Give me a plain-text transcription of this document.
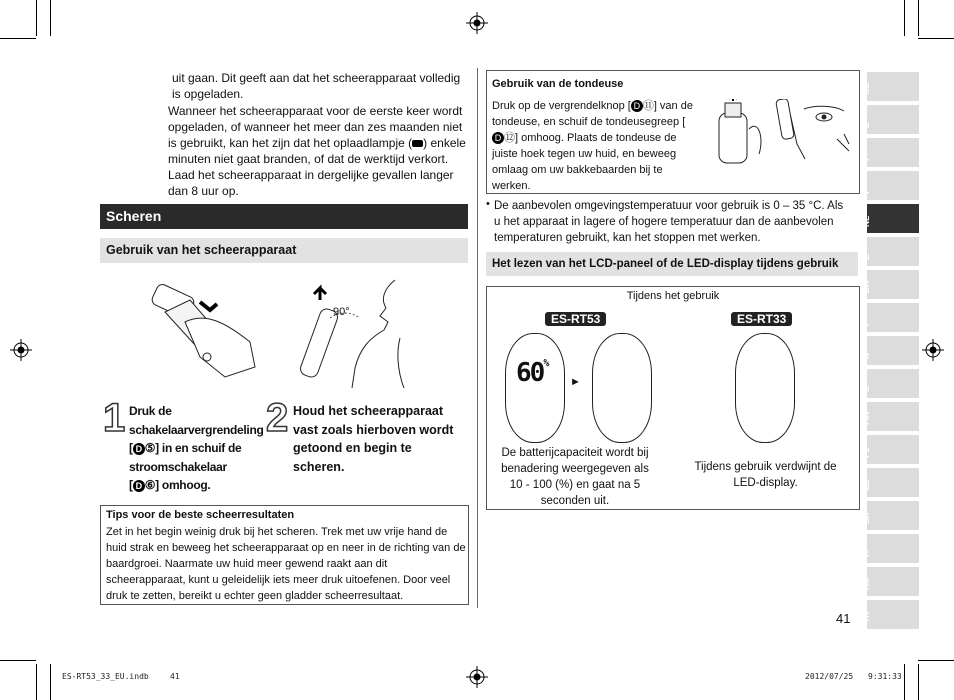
uit gaan. Dit geeft aan dat het scheerapparaat volledig
is opgeladen.
Wanneer het scheerapparaat voor de eerste keer wordt opgeladen, of wanneer het meer dan zes maanden niet is gebruikt, kan het zijn dat het oplaadlampje ( ) enkele minuten niet gaat branden, of dat de werktijd verkort. Laad het scheerapparaat in dergelijke gevallen langer dan 8 uur op.
Scheren
Gebruik van het scheerapparaat
90°
1 Druk de schakelaarvergrendeling
[ D ⑤] in en schuif de stroomschakelaar
[ D ⑥] omhoog.
2 Houd het scheerapparaat vast zoals hierboven wordt getoond en begin te scheren.
Tips voor de beste scheerresultaten
Zet in het begin weinig druk bij het scheren. Trek met uw vrije hand de huid strak en beweeg het scheerapparaat op en neer in de richting van de baardgroei. Naarmate uw huid meer gewend raakt aan dit scheerapparaat, kunt u geleidelijk iets meer druk uitoefenen. Door veel druk te zetten, bereikt u echter geen gladder scheerresultaat.
Gebruik van de tondeuse
Druk op de vergrendelknop [ D ⑪] van de tondeuse, en schuif de tondeusegreep [D ⑫] omhoog. Plaats de tondeuse de juiste hoek tegen uw huid, en beweeg omlaag om uw bakkebaarden bij te werken.
• De aanbevolen omgevingstemperatuur voor gebruik is 0 – 35 °C. Als u het apparaat in lagere of hogere temperatuur dan de aanbevolen temperaturen gebruikt, kan het stoppen met werken.
Het lezen van het LCD-paneel of de LED-display tijdens gebruik
Tijdens het gebruik
ES-RT53	ES-RT33
60%
►
De batterijcapaciteit wordt bij benadering weergegeven als 10 - 100 (%) en gaat na 5 seconden uit.
Tijdens gebruik verdwijnt de LED-display.
GB
D
F
I
NL
E
DK
P
N
S
FIN
PL
CZ
SK
H
RO
TR
41
ES-RT53_33_EU.indb	41	2012/07/25 9:31:33
